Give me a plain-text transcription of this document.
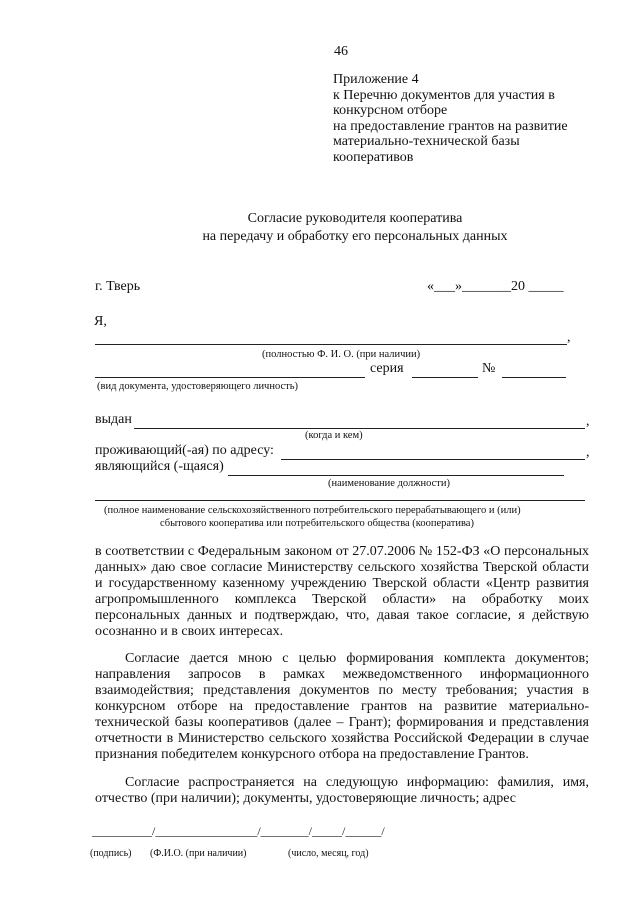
46
Приложение 4
к Перечню документов для участия в
конкурсном отборе
на предоставление грантов на развитие
материально-технической базы
кооперативов
Согласие руководителя кооператива
на передачу и обработку его персональных данных
г. Тверь	«___»_______20 _____
Я,
,
(полностью Ф. И. О. (при наличии)
серия	№
(вид документа, удостоверяющего личность)
выдан	,
(когда и кем)
проживающий(-ая) по адресу:	,
являющийся (-щаяся)
(наименование должности)
(полное наименование сельскохозяйственного потребительского перерабатывающего и (или)
сбытового кооператива или потребительского общества (кооператива)

в соответствии с Федеральным законом от 27.07.2006 № 152-ФЗ «О персональных данных» даю свое согласие Министерству сельского хозяйства Тверской области и государственному казенному учреждению Тверской области «Центр развития агропромышленного комплекса Тверской области» на обработку моих персональных данных и подтверждаю, что, давая такое согласие, я действую осознанно и в своих интересах.

Согласие дается мною с целью формирования комплекта документов; направления запросов в рамках межведомственного информационного взаимодействия; представления документов по месту требования; участия в конкурсном отборе на предоставление грантов на развитие материально-технической базы кооперативов (далее – Грант); формирования и представления отчетности в Министерство сельского хозяйства Российской Федерации в случае признания победителем конкурсного отбора на предоставление Грантов.

Согласие распространяется на следующую информацию: фамилия, имя, отчество (при наличии); документы, удостоверяющие личность; адрес

__________/_________________/________/_____/______/
(подпись) (Ф.И.О. (при наличии)	(число, месяц, год)
